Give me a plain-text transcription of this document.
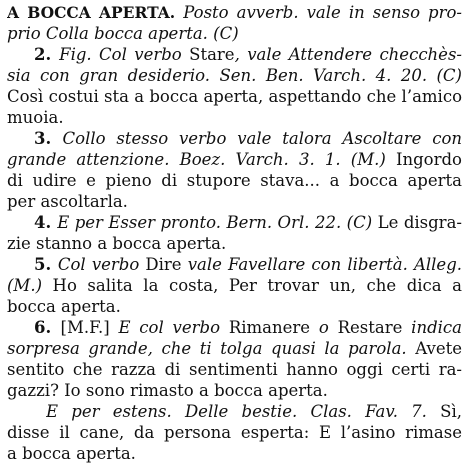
A BOCCA APERTA. Posto avverb. vale in senso pro-
prio Colla bocca aperta. (C)
2. Fig. Col verbo Stare, vale Attendere checchès-
sia con gran desiderio. Sen. Ben. Varch. 4. 20. (C)
Così costui sta a bocca aperta, aspettando che l’amico
muoia.
3. Collo stesso verbo vale talora Ascoltare con
grande attenzione. Boez. Varch. 3. 1. (M.) Ingordo
di udire e pieno di stupore stava... a bocca aperta
per ascoltarla.
4. E per Esser pronto. Bern. Orl. 22. (C) Le disgra-
zie stanno a bocca aperta.
5. Col verbo Dire vale Favellare con libertà. Alleg.
(M.) Ho salita la costa, Per trovar un, che dica a
bocca aperta.
6. [M.F.] E col verbo Rimanere o Restare indica
sorpresa grande, che ti tolga quasi la parola. Avete
sentito che razza di sentimenti hanno oggi certi ra-
gazzi? Io sono rimasto a bocca aperta.
E per estens. Delle bestie. Clas. Fav. 7. Sì,
disse il cane, da persona esperta: E l’asino rimase
a bocca aperta.
